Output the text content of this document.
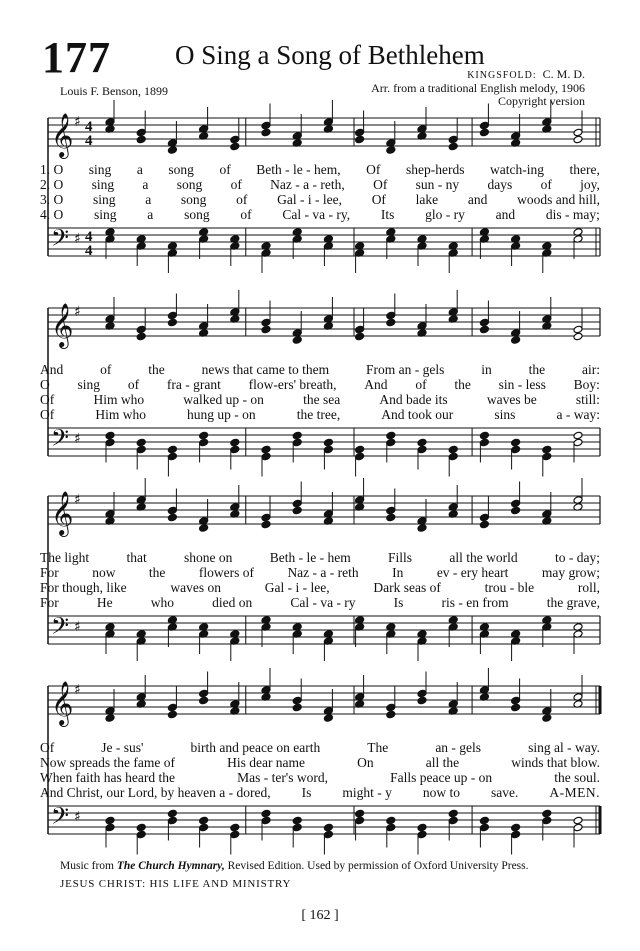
177 O Sing a Song of Bethlehem
Louis F. Benson, 1899
KINGSFOLD: C. M. D.
Arr. from a traditional English melody, 1906
Copyright version
𝄞
𝄢
♯
♯
4
4
4
4
1. O sing a song of Beth - le - hem, Of shep-herds watch-ing there,
2. O sing a song of Naz - a - reth, Of sun - ny days of joy,
3. O sing a song of Gal - i - lee, Of lake and woods and hill,
4. O sing a song of Cal - va - ry, Its glo - ry and dis - may;
𝄞
𝄢
♯
♯
And	of	the	news that came to them	From an - gels	in	the	air:
O sing of fra - grant flow-ers' breath, And of the sin - less Boy:
Of	Him who	walked up - on	the sea	And bade its	waves be	still:
Of	Him who	hung up - on	the tree,	And took our	sins	a - way:
𝄞
𝄢
♯
♯
The light	that	shone on	Beth - le - hem	Fills	all the world	to - day;
For now the flowers of Naz - a - reth In ev - ery heart may grow;
For though, like	waves on	Gal - i - lee,	Dark seas of	trou - ble	roll,
For	He	who	died on	Cal - va - ry	Is	ris - en from	the grave,
𝄞
𝄢
♯
♯
Of	Je - sus'	birth and peace on earth	The	an - gels	sing al - way.
Now spreads the fame of	His dear name	On	all the	winds that blow.
When faith has heard the	Mas - ter's word,	Falls peace up - on	the soul.
And Christ, our Lord, by heaven a - dored, Is might - y now to save. A-MEN.
Music from The Church Hymnary, Revised Edition. Used by permission of Oxford University Press.
JESUS CHRIST: HIS LIFE AND MINISTRY
[ 162 ]
